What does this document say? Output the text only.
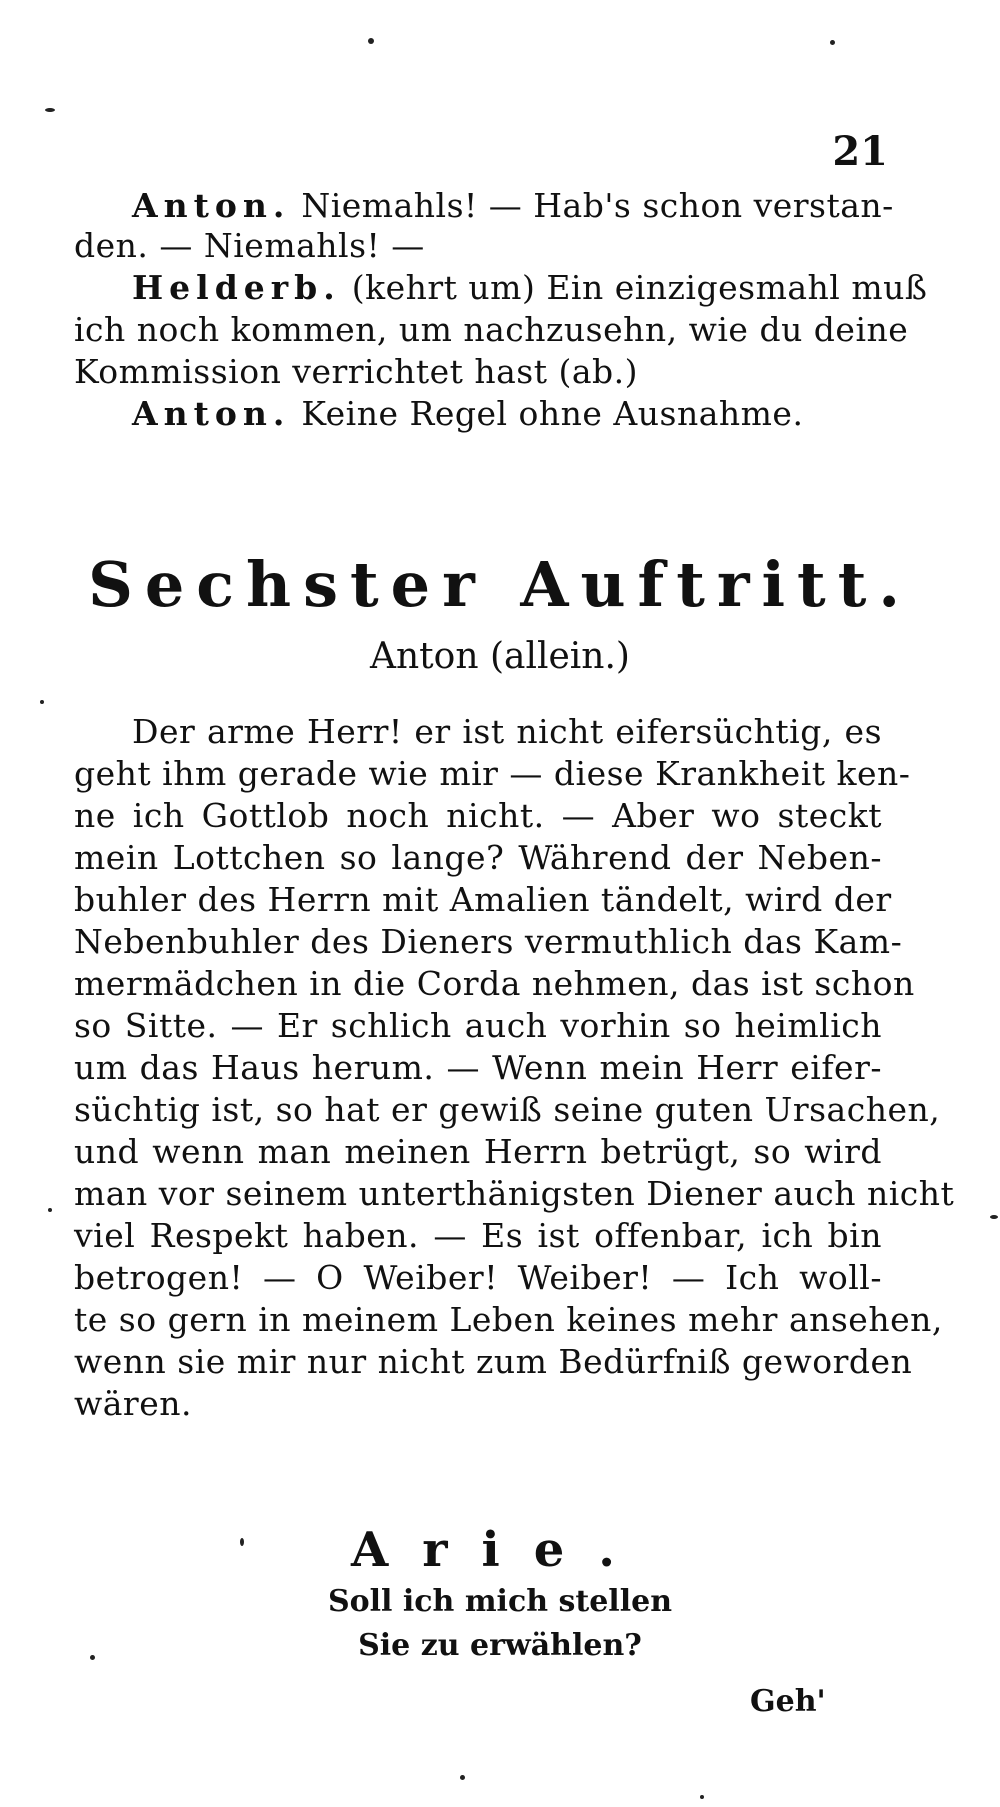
21
Anton. Niemahls! — Hab's schon verstan-
den. — Niemahls! —
Helderb. (kehrt um) Ein einzigesmahl muß
ich noch kommen, um nachzusehn, wie du deine
Kommission verrichtet hast (ab.)
Anton. Keine Regel ohne Ausnahme.
Sechster Auftritt.
Anton (allein.)
Der arme Herr! er ist nicht eifersüchtig, es
geht ihm gerade wie mir — diese Krankheit ken-
ne ich Gottlob noch nicht. — Aber wo steckt
mein Lottchen so lange? Während der Neben-
buhler des Herrn mit Amalien tändelt, wird der
Nebenbuhler des Dieners vermuthlich das Kam-
mermädchen in die Corda nehmen, das ist schon
so Sitte. — Er schlich auch vorhin so heimlich
um das Haus herum. — Wenn mein Herr eifer-
süchtig ist, so hat er gewiß seine guten Ursachen,
und wenn man meinen Herrn betrügt, so wird
man vor seinem unterthänigsten Diener auch nicht
viel Respekt haben. — Es ist offenbar, ich bin
betrogen! — O Weiber! Weiber! — Ich woll-
te so gern in meinem Leben keines mehr ansehen,
wenn sie mir nur nicht zum Bedürfniß geworden
wären.
Arie.
Soll ich mich stellen
Sie zu erwählen?
Geh'
